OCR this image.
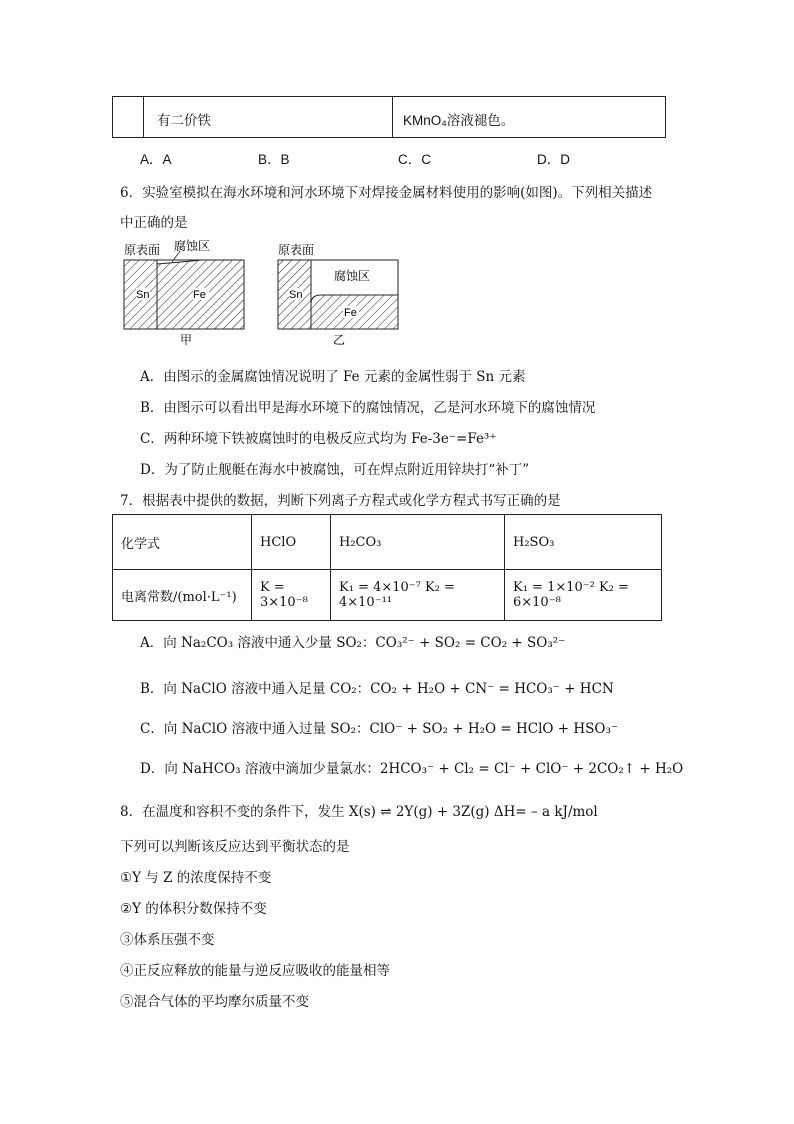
有二价铁	KMnO₄溶液褪色。
A．A	B．B	C．C	D．D
6．实验室模拟在海水环境和河水环境下对焊接金属材料使用的影响(如图)。下列相关描述
中正确的是
原表面 腐蚀区
Sn	Fe
甲
原表面
腐蚀区
Sn
Fe
乙
A．由图示的金属腐蚀情况说明了 Fe 元素的金属性弱于 Sn 元素
B．由图示可以看出甲是海水环境下的腐蚀情况，乙是河水环境下的腐蚀情况
C．两种环境下铁被腐蚀时的电极反应式均为 Fe-3e⁻=Fe³⁺
D．为了防止舰艇在海水中被腐蚀，可在焊点附近用锌块打“补丁”
7．根据表中提供的数据，判断下列离子方程式或化学方程式书写正确的是
化学式	HClO	H₂CO₃	H₂SO₃
电离常数/(mol·L⁻¹)	K = 3×10⁻⁸	K₁ = 4×10⁻⁷ K₂ = 4×10⁻¹¹	K₁ = 1×10⁻² K₂ = 6×10⁻⁸
A．向 Na₂CO₃ 溶液中通入少量 SO₂：CO₃²⁻ + SO₂ = CO₂ + SO₃²⁻
B．向 NaClO 溶液中通入足量 CO₂：CO₂ + H₂O + CN⁻ = HCO₃⁻ + HCN
C．向 NaClO 溶液中通入过量 SO₂：ClO⁻ + SO₂ + H₂O = HClO + HSO₃⁻
D．向 NaHCO₃ 溶液中滴加少量氯水：2HCO₃⁻ + Cl₂ = Cl⁻ + ClO⁻ + 2CO₂↑ + H₂O
8．在温度和容积不变的条件下，发生 X(s) ⇌ 2Y(g) + 3Z(g) ΔH= – a kJ/mol
下列可以判断该反应达到平衡状态的是
①Y 与 Z 的浓度保持不变
②Y 的体积分数保持不变
③体系压强不变
④正反应释放的能量与逆反应吸收的能量相等
⑤混合气体的平均摩尔质量不变
